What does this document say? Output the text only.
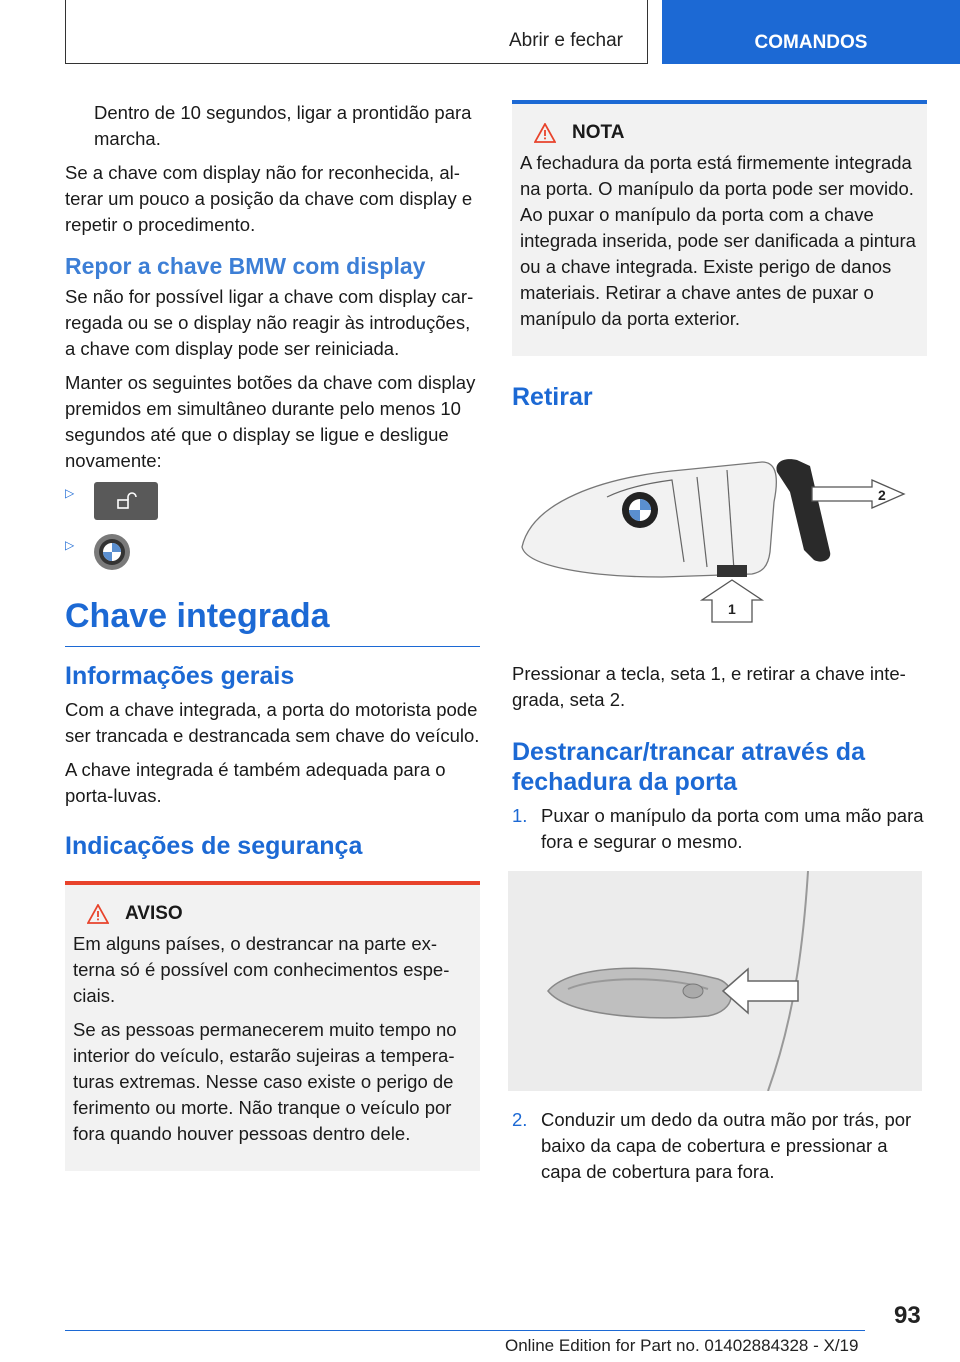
Abrir e fechar	COMANDOS

Dentro de 10 segundos, ligar a prontidão para marcha.

Se a chave com display não for reconhecida, alterar um pouco a posição da chave com display e repetir o procedimento.

Repor a chave BMW com display

Se não for possível ligar a chave com display carregada ou se o display não reagir às introduções, a chave com display pode ser reiniciada.

Manter os seguintes botões da chave com display premidos em simultâneo durante pelo menos 10 segundos até que o display se ligue e desligue novamente:

▷
▷
Chave integrada
Informações gerais

Com a chave integrada, a porta do motorista pode ser trancada e destrancada sem chave do veículo.

A chave integrada é também adequada para o porta-luvas.

Indicações de segurança
AVISO

Em alguns países, o destrancar na parte externa só é possível com conhecimentos especiais.

Se as pessoas permanecerem muito tempo no interior do veículo, estarão sujeiras a temperaturas extremas. Nesse caso existe o perigo de ferimento ou morte. Não tranque o veículo por fora quando houver pessoas dentro dele.

NOTA

A fechadura da porta está firmemente integrada na porta. O manípulo da porta pode ser movido. Ao puxar o manípulo da porta com a chave integrada inserida, pode ser danificada a pintura ou a chave integrada. Existe perigo de danos materiais. Retirar a chave antes de puxar o manípulo da porta exterior.

Retirar
2
1

Pressionar a tecla, seta 1, e retirar a chave integrada, seta 2.

Destrancar/trancar através da fechadura da porta
1. Puxar o manípulo da porta com uma mão para fora e segurar o mesmo.
2. Conduzir um dedo da outra mão por trás, por baixo da capa de cobertura e pressionar a capa de cobertura para fora.
93
Online Edition for Part no. 01402884328 - X/19
